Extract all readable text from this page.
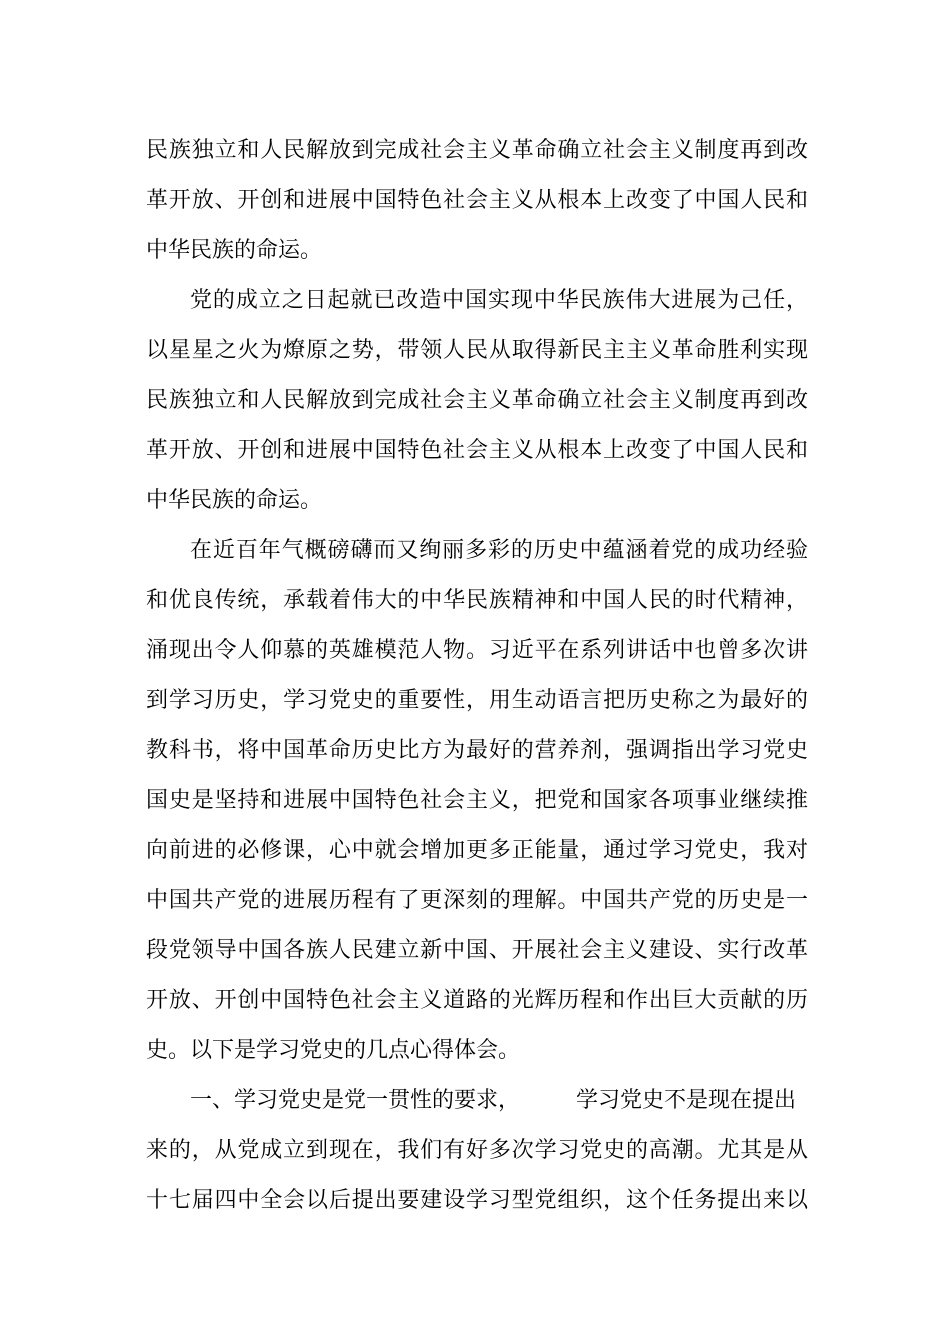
民族独立和人民解放到完成社会主义革命确立社会主义制度再到改
革开放、开创和进展中国特色社会主义从根本上改变了中国人民和
中华民族的命运。
党的成立之日起就已改造中国实现中华民族伟大进展为己任，
以星星之火为燎原之势，带领人民从取得新民主主义革命胜利实现
民族独立和人民解放到完成社会主义革命确立社会主义制度再到改
革开放、开创和进展中国特色社会主义从根本上改变了中国人民和
中华民族的命运。
在近百年气概磅礴而又绚丽多彩的历史中蕴涵着党的成功经验
和优良传统，承载着伟大的中华民族精神和中国人民的时代精神，
涌现出令人仰慕的英雄模范人物。习近平在系列讲话中也曾多次讲
到学习历史，学习党史的重要性，用生动语言把历史称之为最好的
教科书，将中国革命历史比方为最好的营养剂，强调指出学习党史
国史是坚持和进展中国特色社会主义，把党和国家各项事业继续推
向前进的必修课，心中就会增加更多正能量，通过学习党史，我对
中国共产党的进展历程有了更深刻的理解。中国共产党的历史是一
段党领导中国各族人民建立新中国、开展社会主义建设、实行改革
开放、开创中国特色社会主义道路的光辉历程和作出巨大贡献的历
史。以下是学习党史的几点心得体会。
一、学习党史是党一贯性的要求，	学习党史不是现在提出
来的，从党成立到现在，我们有好多次学习党史的高潮。尤其是从
十七届四中全会以后提出要建设学习型党组织，这个任务提出来以
